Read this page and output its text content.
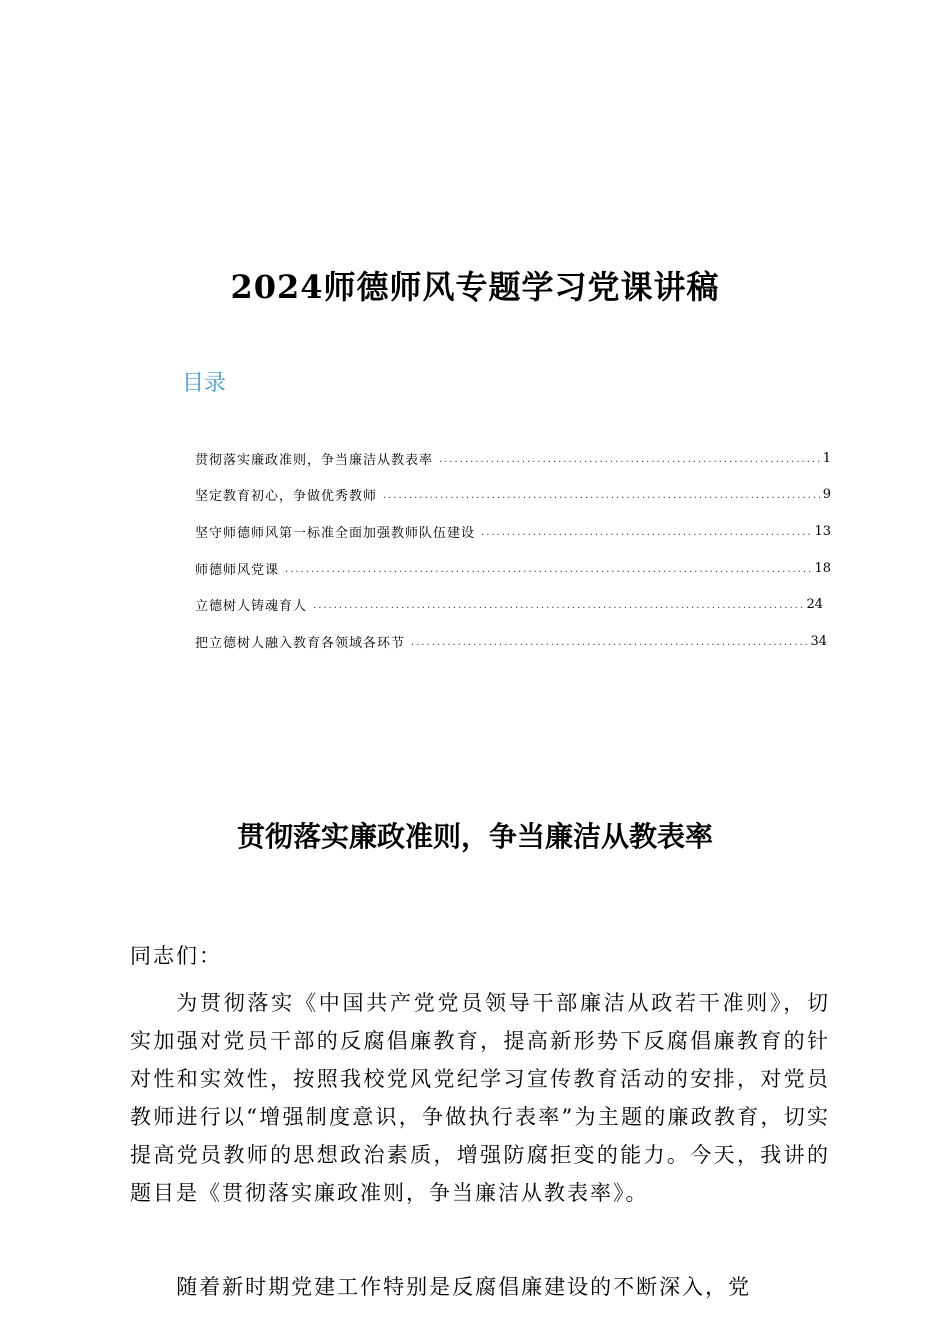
2024师德师风专题学习党课讲稿
目录
贯彻落实廉政准则，争当廉洁从教表率 .....	1
坚定教育初心，争做优秀教师 .....	9
坚守师德师风第一标准全面加强教师队伍建设 .....	13
师德师风党课 .....	18
立德树人铸魂育人 .....	24
把立德树人融入教育各领域各环节 .....	34
贯彻落实廉政准则，争当廉洁从教表率

同志们：

为贯彻落实《中国共产党党员领导干部廉洁从政若干准则》，切实加强对党员干部的反腐倡廉教育，提高新形势下反腐倡廉教育的针对性和实效性，按照我校党风党纪学习宣传教育活动的安排，对党员教师进行以“增强制度意识，争做执行表率”为主题的廉政教育，切实提高党员教师的思想政治素质，增强防腐拒变的能力。今天，我讲的题目是《贯彻落实廉政准则，争当廉洁从教表率》。

随着新时期党建工作特别是反腐倡廉建设的不断深入，党
